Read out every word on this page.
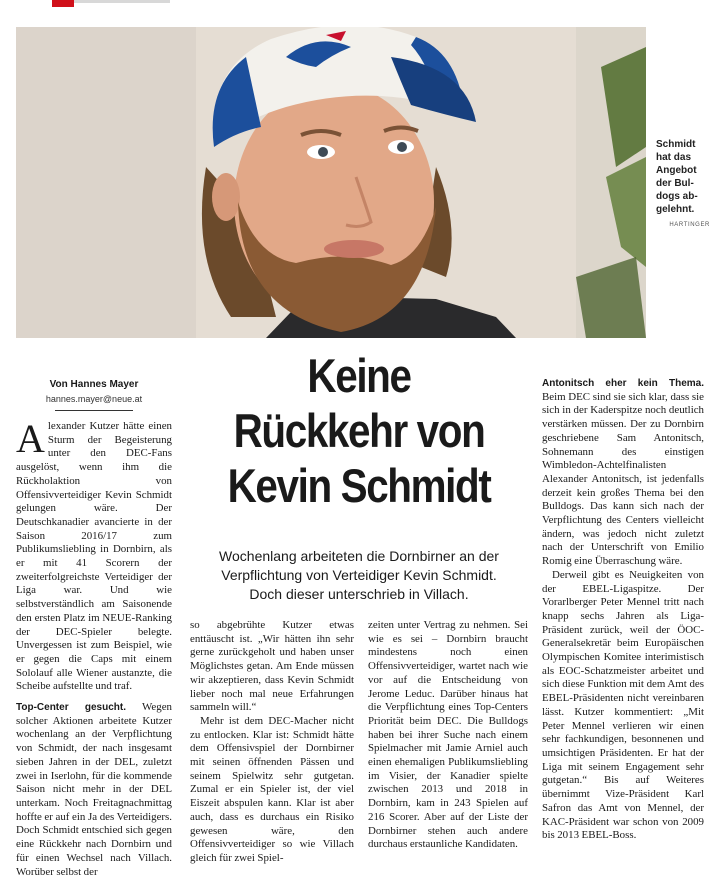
Schmidt
hat das
Angebot
der Bul-
dogs ab-
gelehnt.
HARTINGER
Von Hannes Mayer
hannes.mayer@neue.at

Alexander Kutzer hätte einen Sturm der Begeisterung unter den DEC-Fans ausgelöst, wenn ihm die Rückholaktion von Offensivverteidiger Kevin Schmidt gelungen wäre. Der Deutschkanadier avancierte in der Saison 2016/17 zum Publikumsliebling in Dornbirn, als er mit 41 Scorern der zweiterfolgreichste Verteidiger der Liga war. Und wie selbstverständlich am Saisonende den ersten Platz im NEUE-Ranking der DEC-Spieler belegte. Unvergessen ist zum Beispiel, wie er gegen die Caps mit einem Sololauf alle Wiener austanzte, die Scheibe aufstellte und traf.

Top-Center gesucht. Wegen solcher Aktionen arbeitete Kutzer wochenlang an der Verpflichtung von Schmidt, der nach insgesamt sieben Jahren in der DEL, zuletzt zwei in Iserlohn, für die kommende Saison nicht mehr in der DEL unterkam. Noch Freitagnachmittag hoffte er auf ein Ja des Verteidigers. Doch Schmidt entschied sich gegen eine Rückkehr nach Dornbirn und für einen Wechsel nach Villach. Worüber selbst der

Keine
Rückkehr von
Kevin Schmidt
Wochenlang arbeiteten die Dornbirner an der
Verpflichtung von Verteidiger Kevin Schmidt.
Doch dieser unterschrieb in Villach.

so abgebrühte Kutzer etwas enttäuscht ist. „Wir hätten ihn sehr gerne zurückgeholt und haben unser Möglichstes getan. Am Ende müssen wir akzeptieren, dass Kevin Schmidt lieber noch mal neue Erfahrungen sammeln will.“

Mehr ist dem DEC-Macher nicht zu entlocken. Klar ist: Schmidt hätte dem Offensivspiel der Dornbirner mit seinen öffnenden Pässen und seinem Spielwitz sehr gutgetan. Zumal er ein Spieler ist, der viel Eiszeit abspulen kann. Klar ist aber auch, dass es durchaus ein Risiko gewesen wäre, den Offensivverteidiger so wie Villach gleich für zwei Spiel-

zeiten unter Vertrag zu nehmen. Sei wie es sei – Dornbirn braucht mindestens noch einen Offensivverteidiger, wartet nach wie vor auf die Entscheidung von Jerome Leduc. Darüber hinaus hat die Verpflichtung eines Top-Centers Priorität beim DEC. Die Bulldogs haben bei ihrer Suche nach einem Spielmacher mit Jamie Arniel auch einen ehemaligen Publikumsliebling im Visier, der Kanadier spielte zwischen 2013 und 2018 in Dornbirn, kam in 243 Spielen auf 216 Scorer. Aber auf der Liste der Dornbirner stehen auch andere durchaus erstaunliche Kandidaten.

Antonitsch eher kein Thema. Beim DEC sind sie sich klar, dass sie sich in der Kaderspitze noch deutlich verstärken müssen. Der zu Dornbirn geschriebene Sam Antonitsch, Sohnemann des einstigen Wimbledon-Achtelfinalisten Alexander Antonitsch, ist jedenfalls derzeit kein großes Thema bei den Bulldogs. Das kann sich nach der Verpflichtung des Centers vielleicht ändern, was jedoch nicht zuletzt nach der Unterschrift von Emilio Romig eine Überraschung wäre.

Derweil gibt es Neuigkeiten von der EBEL-Ligaspitze. Der Vorarlberger Peter Mennel tritt nach knapp sechs Jahren als Liga-Präsident zurück, weil der ÖOC-Generalsekretär beim Europäischen Olympischen Komitee interimistisch als EOC-Schatzmeister arbeitet und sich diese Funktion mit dem Amt des EBEL-Präsidenten nicht vereinbaren lässt. Kutzer kommentiert: „Mit Peter Mennel verlieren wir einen sehr fachkundigen, besonnenen und umsichtigen Präsidenten. Er hat der Liga mit seinem Engagement sehr gutgetan.“ Bis auf Weiteres übernimmt Vize-Präsident Karl Safron das Amt von Mennel, der KAC-Präsident war schon von 2009 bis 2013 EBEL-Boss.
